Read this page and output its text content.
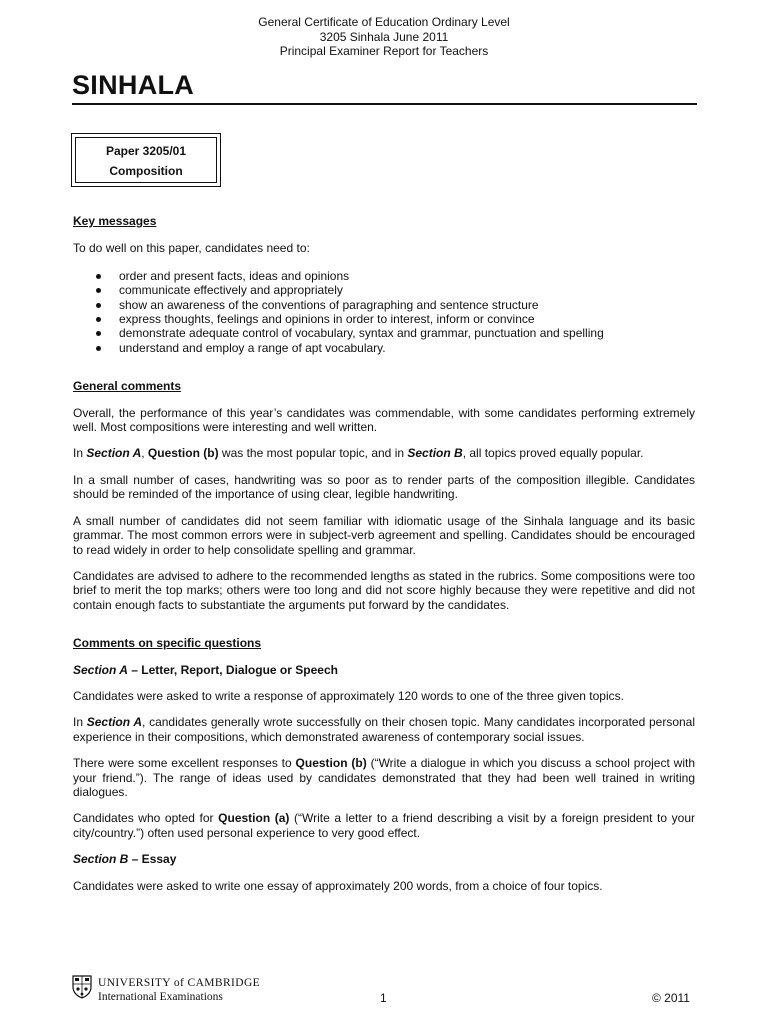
General Certificate of Education Ordinary Level
3205 Sinhala June 2011
Principal Examiner Report for Teachers
SINHALA
Paper 3205/01
Composition

Key messages

To do well on this paper, candidates need to:

order and present facts, ideas and opinions
communicate effectively and appropriately
show an awareness of the conventions of paragraphing and sentence structure
express thoughts, feelings and opinions in order to interest, inform or convince
demonstrate adequate control of vocabulary, syntax and grammar, punctuation and spelling
understand and employ a range of apt vocabulary.

General comments

Overall, the performance of this year’s candidates was commendable, with some candidates performing extremely well. Most compositions were interesting and well written.

In Section A, Question (b) was the most popular topic, and in Section B, all topics proved equally popular.

In a small number of cases, handwriting was so poor as to render parts of the composition illegible. Candidates should be reminded of the importance of using clear, legible handwriting.

A small number of candidates did not seem familiar with idiomatic usage of the Sinhala language and its basic grammar. The most common errors were in subject-verb agreement and spelling. Candidates should be encouraged to read widely in order to help consolidate spelling and grammar.

Candidates are advised to adhere to the recommended lengths as stated in the rubrics. Some compositions were too brief to merit the top marks; others were too long and did not score highly because they were repetitive and did not contain enough facts to substantiate the arguments put forward by the candidates.

Comments on specific questions

Section A – Letter, Report, Dialogue or Speech

Candidates were asked to write a response of approximately 120 words to one of the three given topics.

In Section A, candidates generally wrote successfully on their chosen topic. Many candidates incorporated personal experience in their compositions, which demonstrated awareness of contemporary social issues.

There were some excellent responses to Question (b) (“Write a dialogue in which you discuss a school project with your friend.”). The range of ideas used by candidates demonstrated that they had been well trained in writing dialogues.

Candidates who opted for Question (a) (“Write a letter to a friend describing a visit by a foreign president to your city/country.”) often used personal experience to very good effect.

Section B – Essay

Candidates were asked to write one essay of approximately 200 words, from a choice of four topics.

UNIVERSITY of CAMBRIDGE
International Examinations	1	© 2011
